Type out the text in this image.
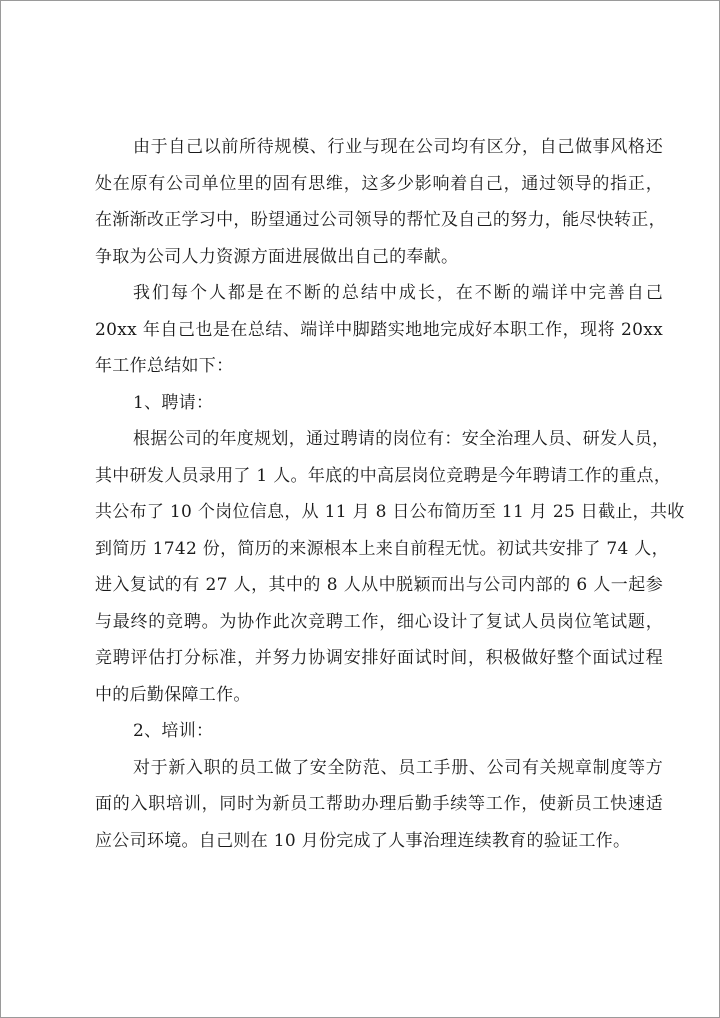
由于自己以前所待规模、行业与现在公司均有区分，自己做事风格还
处在原有公司单位里的固有思维，这多少影响着自己，通过领导的指正，
在渐渐改正学习中，盼望通过公司领导的帮忙及自己的努力，能尽快转正，
争取为公司人力资源方面进展做出自己的奉献。
我们每个人都是在不断的总结中成长，在不断的端详中完善自己
20xx 年自己也是在总结、端详中脚踏实地地完成好本职工作，现将 20xx
年工作总结如下：
1、聘请：
根据公司的年度规划，通过聘请的岗位有：安全治理人员、研发人员，
其中研发人员录用了 1 人。年底的中高层岗位竞聘是今年聘请工作的重点，
共公布了 10 个岗位信息，从 11 月 8 日公布简历至 11 月 25 日截止，共收
到简历 1742 份，简历的来源根本上来自前程无忧。初试共安排了 74 人，
进入复试的有 27 人，其中的 8 人从中脱颖而出与公司内部的 6 人一起参
与最终的竞聘。为协作此次竞聘工作，细心设计了复试人员岗位笔试题，
竞聘评估打分标准，并努力协调安排好面试时间，积极做好整个面试过程
中的后勤保障工作。
2、培训：
对于新入职的员工做了安全防范、员工手册、公司有关规章制度等方
面的入职培训，同时为新员工帮助办理后勤手续等工作，使新员工快速适
应公司环境。自己则在 10 月份完成了人事治理连续教育的验证工作。
